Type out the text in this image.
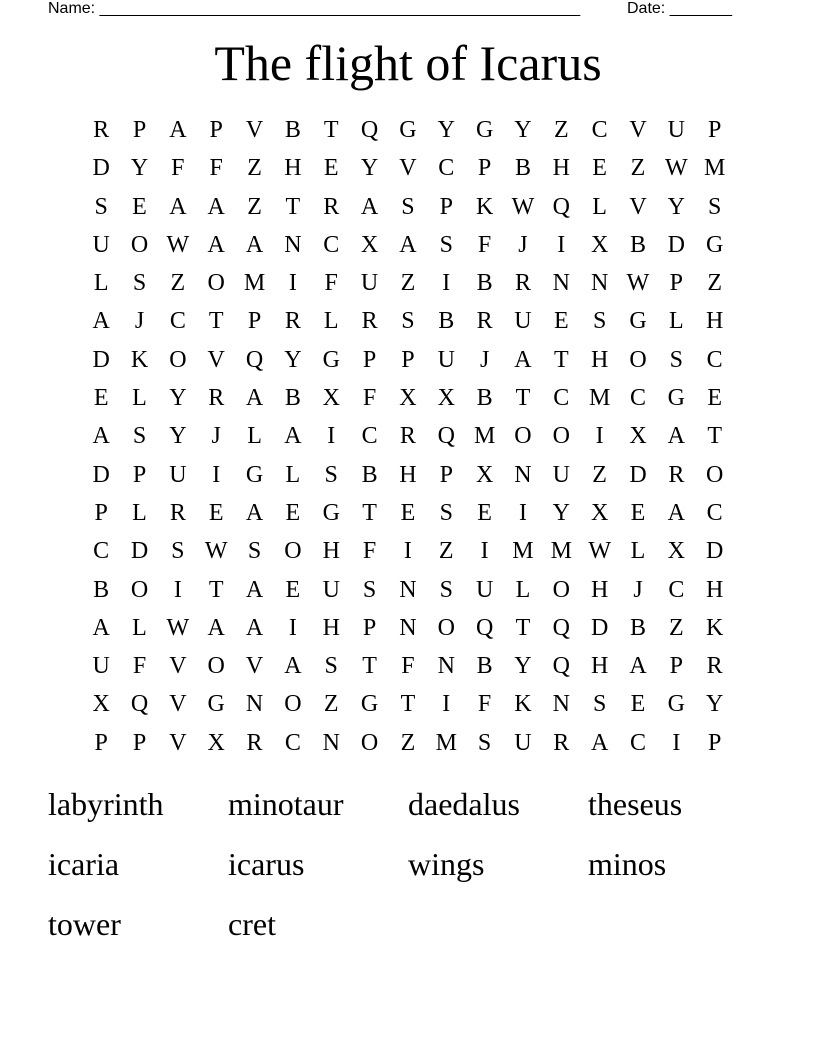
Name: ______________________________________________________	Date: _______
The flight of Icarus
R P A P V B T Q G Y G Y Z C V U P
D Y F	F	Z H E Y V C P B H E Z W M
S	E A A Z T R A S	P K W Q L V Y S
U O W A A N C X A S	F	J	I	X B D G
L	S	Z O M I	F U Z	I	B R N N W P	Z
A	J	C T	P R L R S B R U E	S G L H
D K O V Q Y G P	P U	J	A T H O S C
E L Y R A B X F X X B T C M C G E
A S Y	J	L A	I	C R Q M O O	I	X A T
D P U	I	G L	S B H P X N U Z D R O
P	L R E A E G T E	S	E	I	Y X E A C
C D S W S O H F	I	Z	I M M W L X D
B O	I	T A E U S N S U L O H	J	C H
A L W A A	I	H P N O Q T Q D B Z K
U F V O V A S	T	F N B Y Q H A P R
X Q V G N O Z G T	I	F K N S	E G Y
P	P V X R C N O Z M S U R A C	I	P
labyrinth	minotaur	daedalus	theseus
icaria	icarus	wings	minos
tower	cret
